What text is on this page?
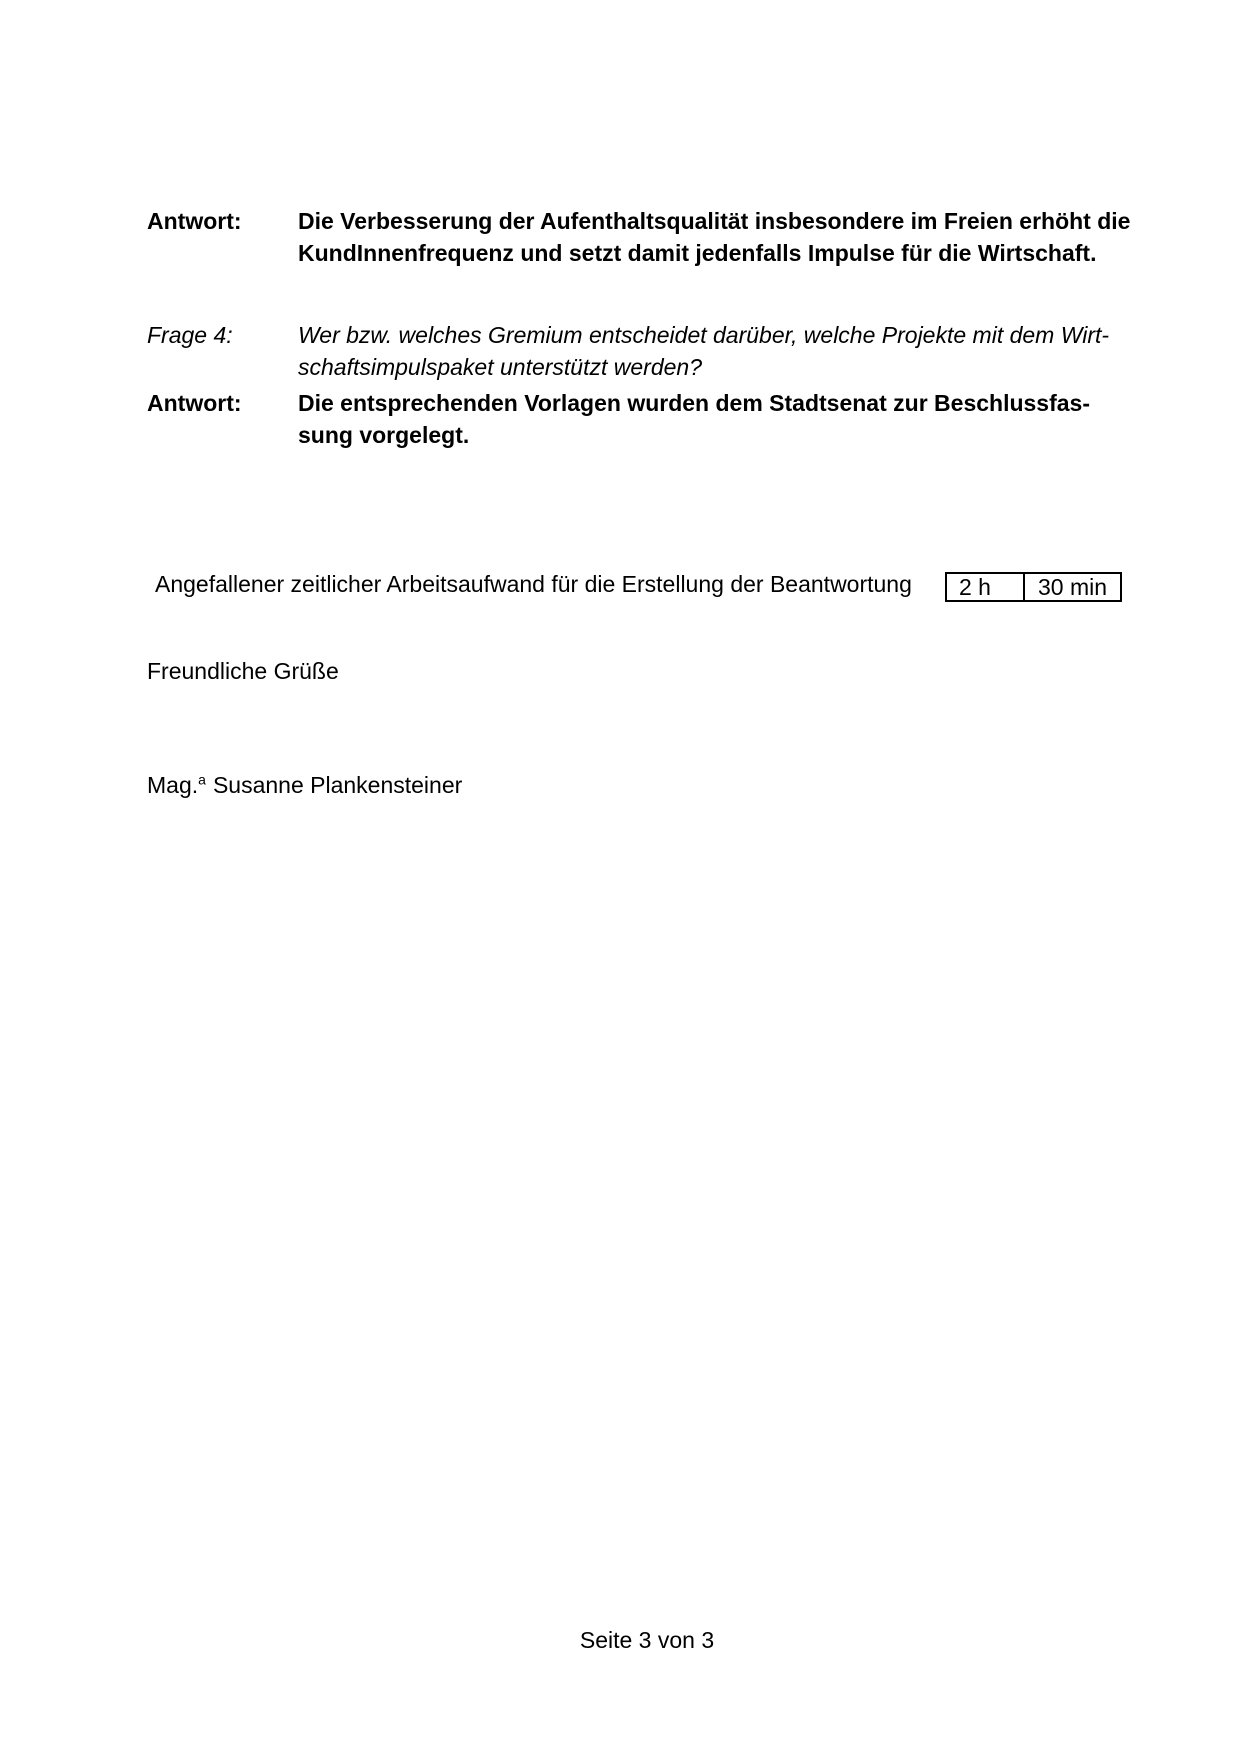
Antwort:	Die Verbesserung der Aufenthaltsqualität insbesondere im Freien erhöht die
KundInnenfrequenz und setzt damit jedenfalls Impulse für die Wirtschaft.
Frage 4:	Wer bzw. welches Gremium entscheidet darüber, welche Projekte mit dem Wirt-
schaftsimpulspaket unterstützt werden?
Antwort:	Die entsprechenden Vorlagen wurden dem Stadtsenat zur Beschlussfas-
sung vorgelegt.
Angefallener zeitlicher Arbeitsaufwand für die Erstellung der Beantwortung	2 h	30 min
Freundliche Grüße
Mag.$^a$ Susanne Plankensteiner
Seite 3 von 3
